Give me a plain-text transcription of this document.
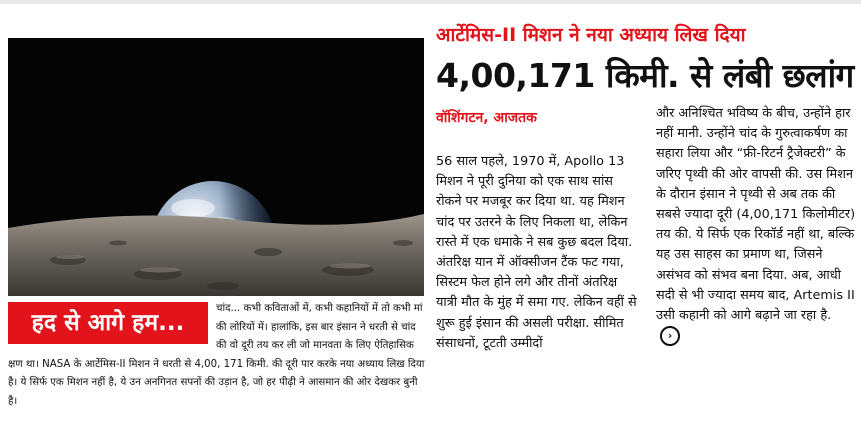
चांद... कभी कविताओं में, कभी कहानियों में तो कभी मां की लोरियों में। हालांकि, इस बार इंसान ने धरती से चांद की वो दूरी तय कर ली जो मानवता के लिए ऐतिहासिक क्षण था। NASA के आर्टेमिस-II मिशन ने धरती से 4,00, 171 किमी. की दूरी पार करके नया अध्याय लिख दिया है। ये सिर्फ एक मिशन नहीं है, ये उन अनगिनत सपनों की उड़ान है, जो हर पीढ़ी ने आसमान की ओर देखकर बुनी है।
हद से आगे हम...
आर्टेमिस-II मिशन ने नया अध्याय लिख दिया
4,00,171 किमी. से लंबी छलांग
वॉशिंगटन, आजतक
56 साल पहले, 1970 में, Apollo 13 मिशन ने पूरी दुनिया को एक साथ सांस रोकने पर मजबूर कर दिया था. यह मिशन चांद पर उतरने के लिए निकला था, लेकिन रास्ते में एक धमाके ने सब कुछ बदल दिया. अंतरिक्ष यान में ऑक्सीजन टैंक फट गया, सिस्टम फेल होने लगे और तीनों अंतरिक्ष यात्री मौत के मुंह में समा गए. लेकिन वहीं से शुरू हुई इंसान की असली परीक्षा. सीमित संसाधनों, टूटती उम्मीदों
और अनिश्चित भविष्य के बीच, उन्होंने हार नहीं मानी. उन्होंने चांद के गुरुत्वाकर्षण का सहारा लिया और “फ्री-रिटर्न ट्रैजेक्टरी” के जरिए पृथ्वी की ओर वापसी की. उस मिशन के दौरान इंसान ने पृथ्वी से अब तक की सबसे ज्यादा दूरी (4,00,171 किलोमीटर) तय की. ये सिर्फ एक रिकॉर्ड नहीं था, बल्कि यह उस साहस का प्रमाण था, जिसने असंभव को संभव बना दिया. अब, आधी सदी से भी ज्यादा समय बाद, Artemis II उसी कहानी को आगे बढ़ाने जा रहा है. ›
